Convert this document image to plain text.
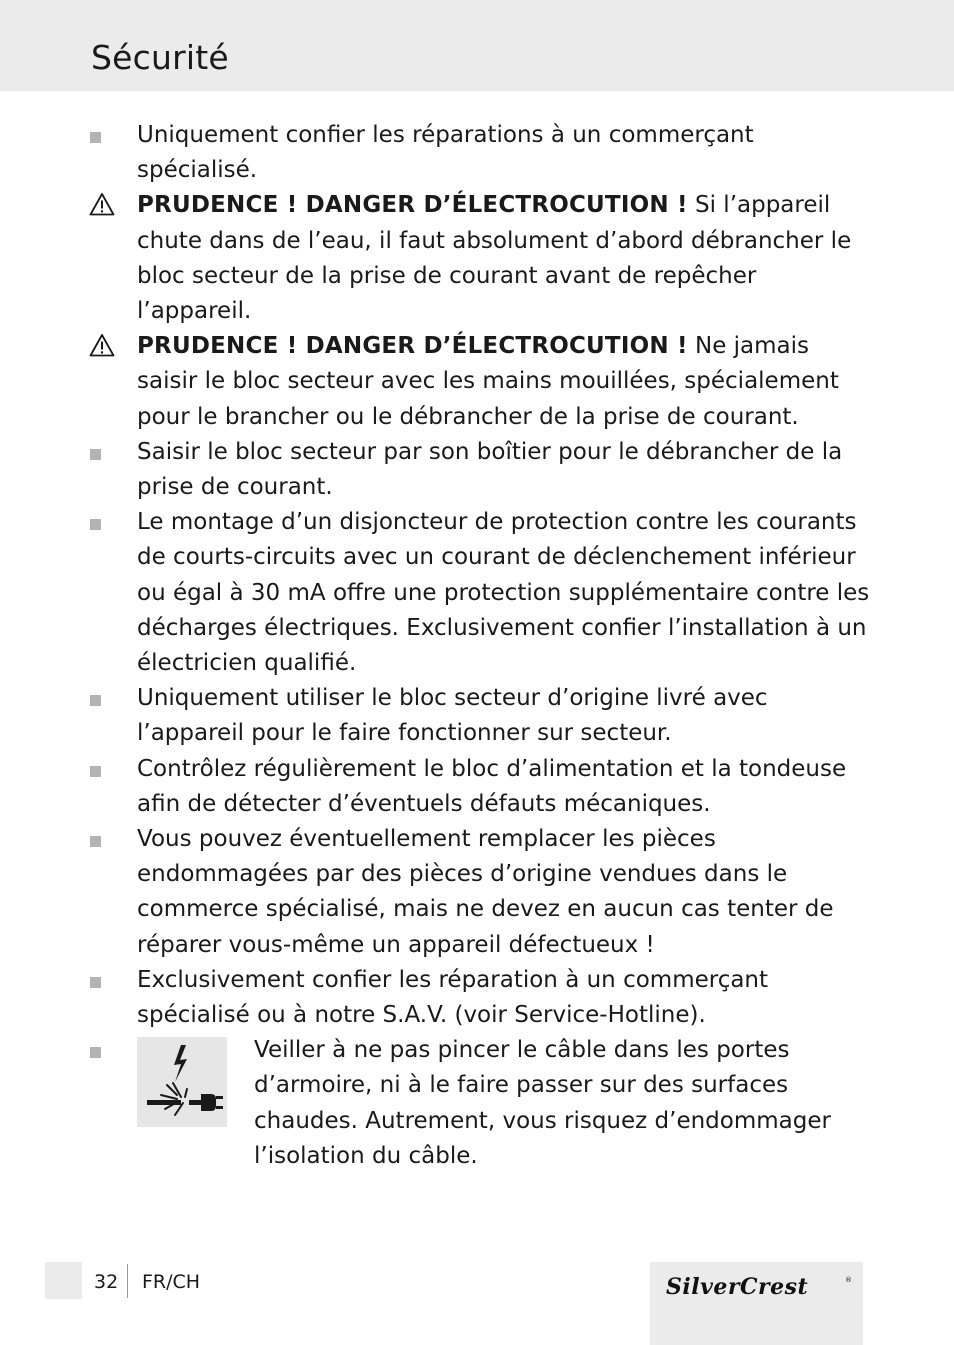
Sécurité
Uniquement confier les réparations à un commerçant spécialisé.
PRUDENCE ! DANGER D’ÉLECTROCUTION ! Si l’appareil chute dans de l’eau, il faut absolument d’abord débrancher le bloc secteur de la prise de courant avant de repêcher l’appareil.
PRUDENCE ! DANGER D’ÉLECTROCUTION ! Ne jamais saisir le bloc secteur avec les mains mouillées, spécialement pour le brancher ou le débrancher de la prise de courant.
Saisir le bloc secteur par son boîtier pour le débrancher de la prise de courant.
Le montage d’un disjoncteur de protection contre les courants de courts-circuits avec un courant de déclenchement inférieur ou égal à 30 mA offre une protection supplémentaire contre les décharges électriques. Exclusivement confier l’installation à un électricien qualifié.
Uniquement utiliser le bloc secteur d’origine livré avec l’appareil pour le faire fonctionner sur secteur.
Contrôlez régulièrement le bloc d’alimentation et la tondeuse afin de détecter d’éventuels défauts mécaniques.
Vous pouvez éventuellement remplacer les pièces endommagées par des pièces d’origine vendues dans le commerce spécialisé, mais ne devez en aucun cas tenter de réparer vous-même un appareil défectueux !
Exclusivement confier les réparation à un commerçant spécialisé ou à notre S.A.V. (voir Service-Hotline).
Veiller à ne pas pincer le câble dans les portes d’armoire, ni à le faire passer sur des surfaces chaudes. Autrement, vous risquez d’endommager l’isolation du câble.
32 FR/CH	SilverCrest	®
